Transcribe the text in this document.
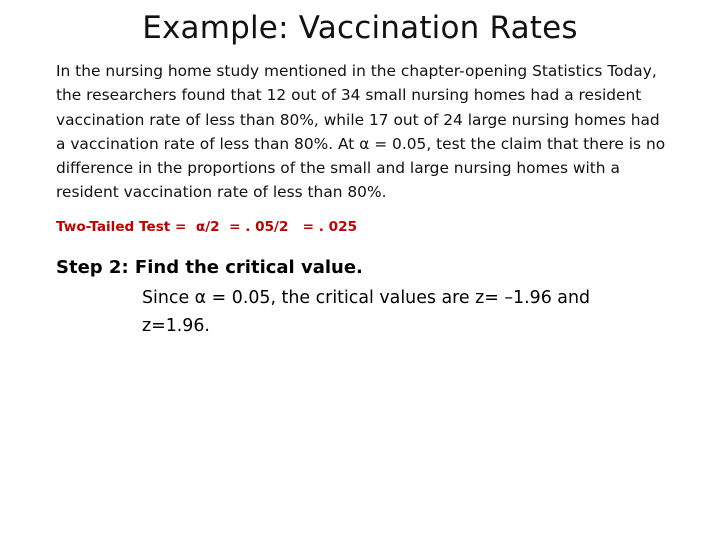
Example: Vaccination Rates
In the nursing home study mentioned in the chapter-opening Statistics Today, the researchers found that 12 out of 34 small nursing homes had a resident vaccination rate of less than 80%, while 17 out of 24 large nursing homes had a vaccination rate of less than 80%. At α = 0.05, test the claim that there is no difference in the proportions of the small and large nursing homes with a resident vaccination rate of less than 80%.
Two-Tailed Test =  α/2  = . 05/2   = . 025
Step 2: Find the critical value.
Since α = 0.05, the critical values are z= –1.96 and z=1.96.
